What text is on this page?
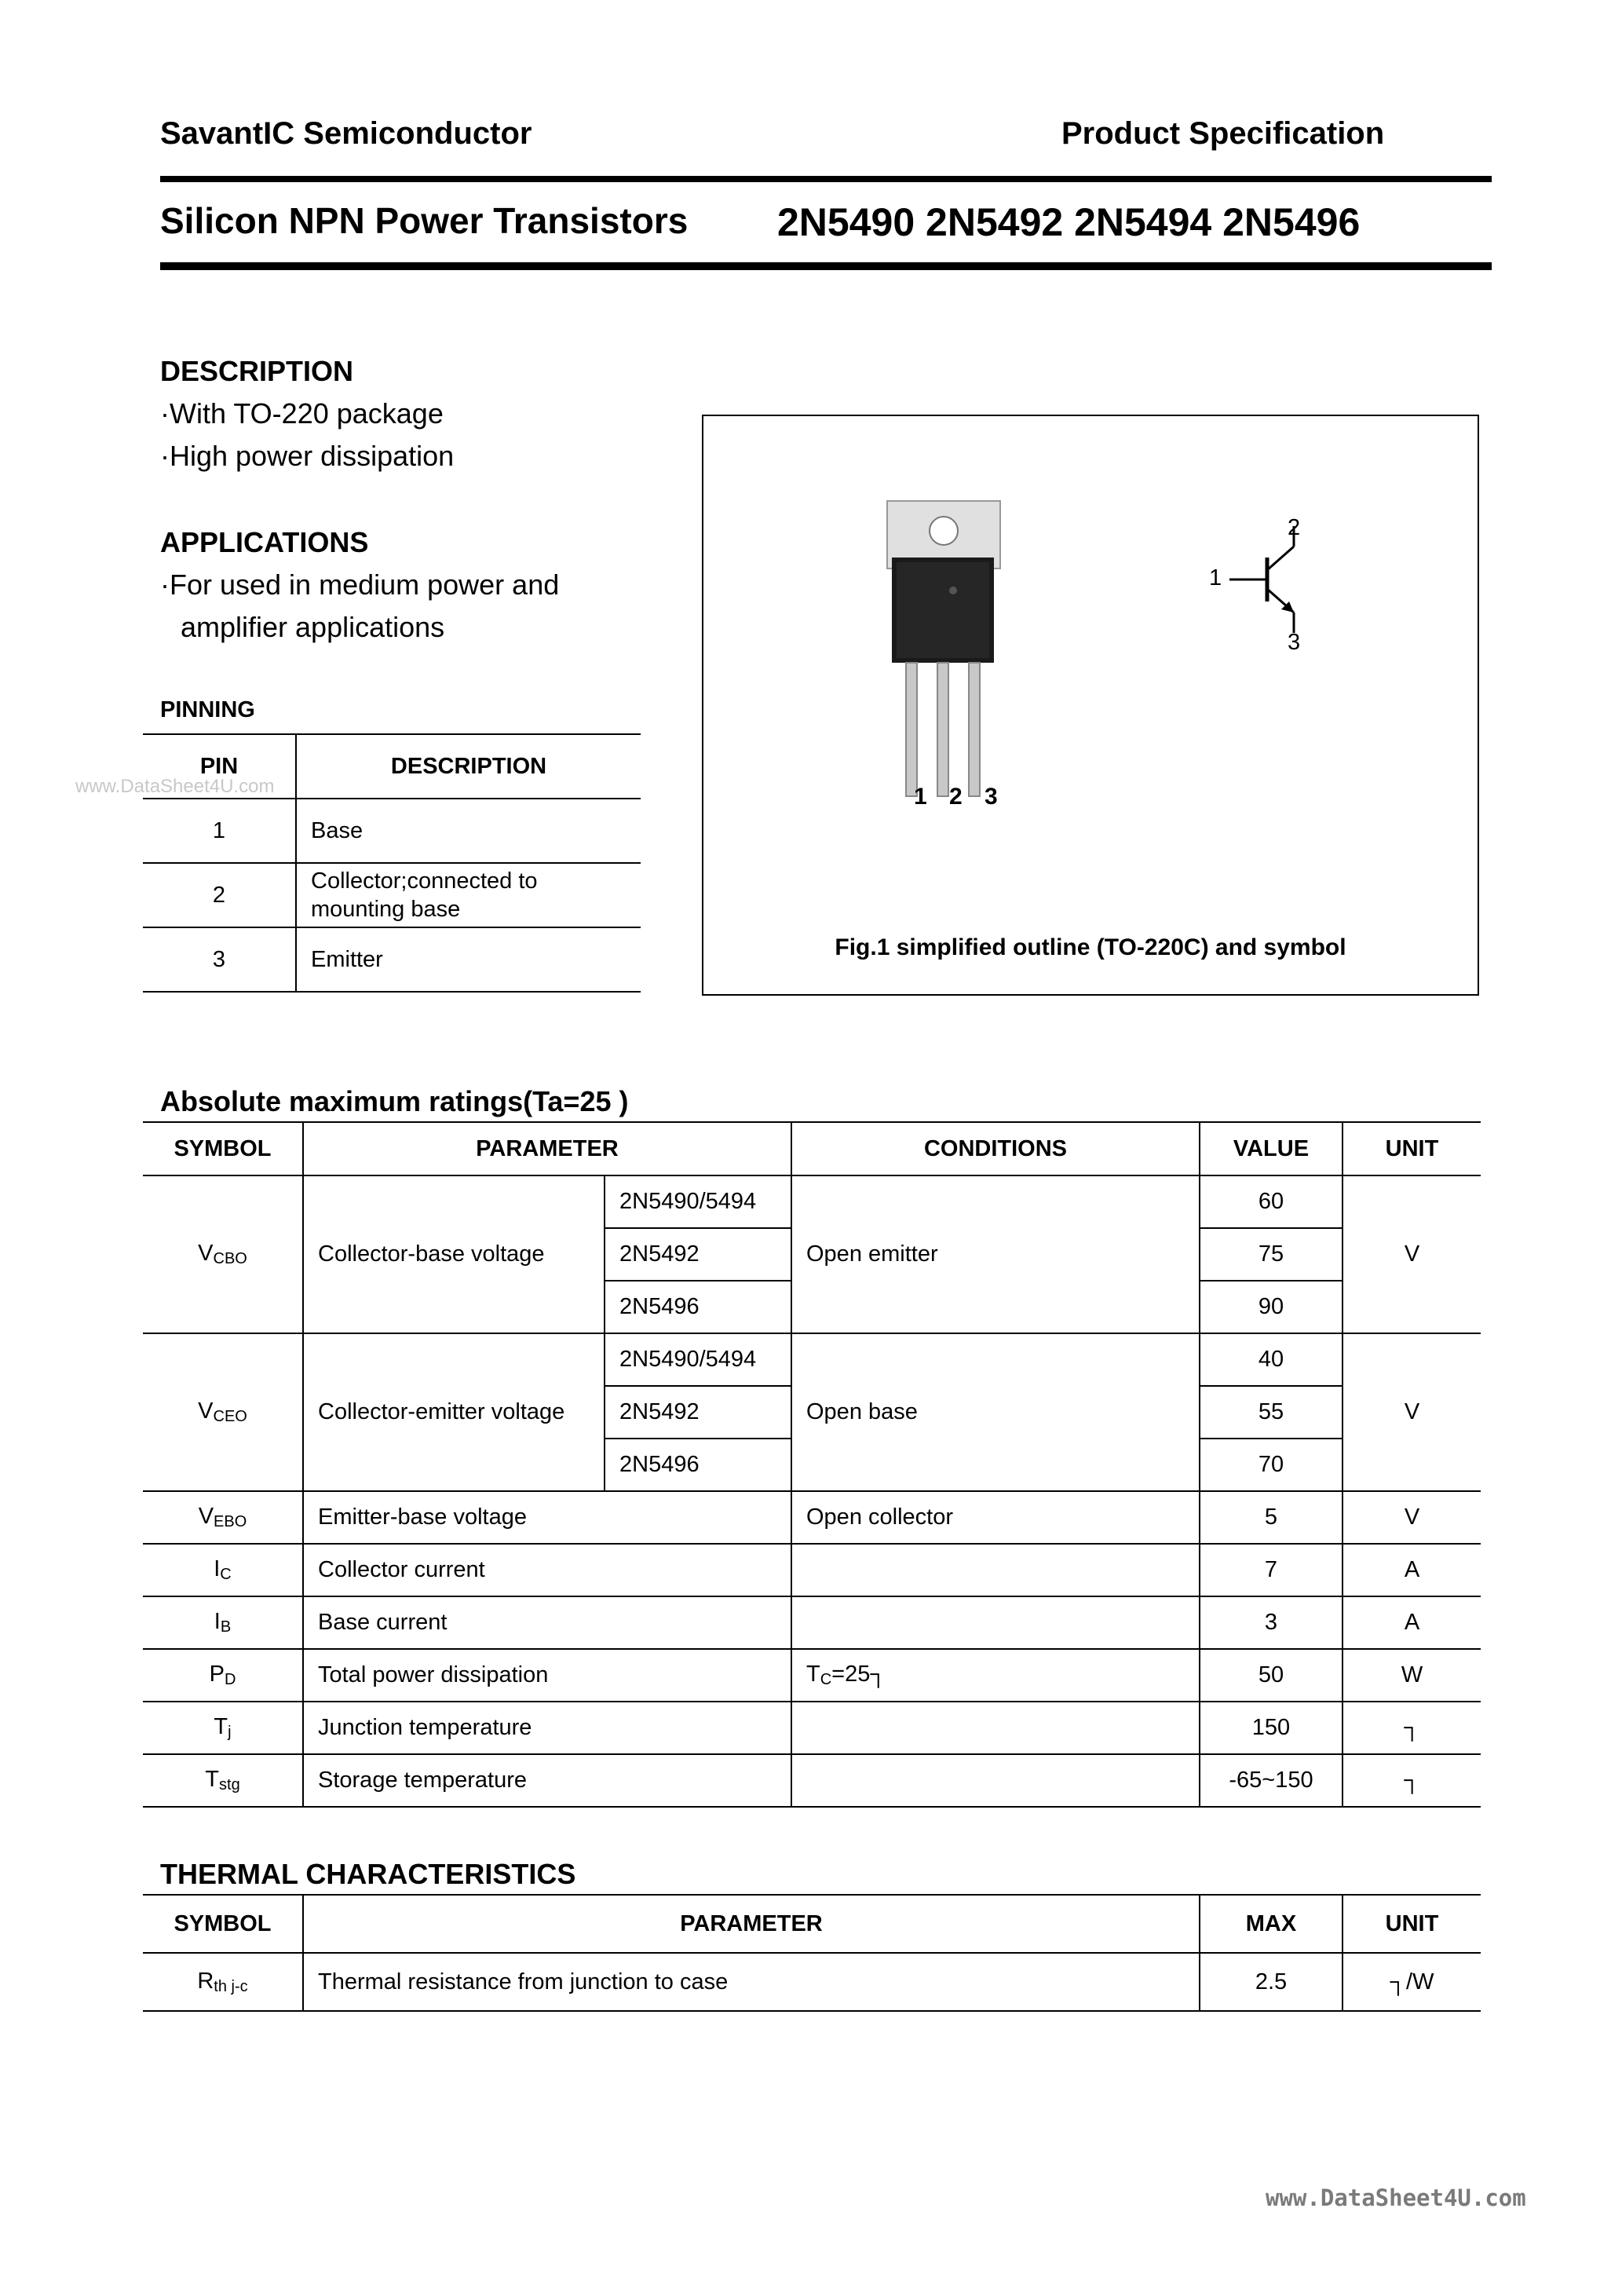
SavantIC Semiconductor	Product Specification
Silicon NPN Power Transistors 2N5490 2N5492 2N5494 2N5496
DESCRIPTION
·With TO-220 package
·High power dissipation
APPLICATIONS
·For used in medium power and
amplifier applications
PINNING
www.DataSheet4U.com
PIN	DESCRIPTION
1	Base
2	Collector;connected to
mounting base
3	Emitter
1 2 3
1
2
3
Fig.1 simplified outline (TO-220C) and symbol
Absolute maximum ratings(Ta=25 )
SYMBOL	PARAMETER		CONDITIONS	VALUE	UNIT
$V_{CBO}$	Collector-base voltage	2N5490/5494	Open emitter	60	V
		2N5492		75	
		2N5496		90	
$V_{CEO}$	Collector-emitter voltage	2N5490/5494	Open base	40	V
		2N5492		55	
		2N5496		70	
$V_{EBO}$	Emitter-base voltage		Open collector	5	V
$I_C$	Collector current			7	A
$I_B$	Base current			3	A
$P_D$	Total power dissipation		$T_C=25┐$	50	W
$T_j$	Junction temperature			150	┐
$T_{stg}$	Storage temperature			-65~150	┐
THERMAL CHARACTERISTICS
SYMBOL	PARAMETER	MAX	UNIT
$R_{th j-c}$	Thermal resistance from junction to case	2.5	┐/W
www.DataSheet4U.com
